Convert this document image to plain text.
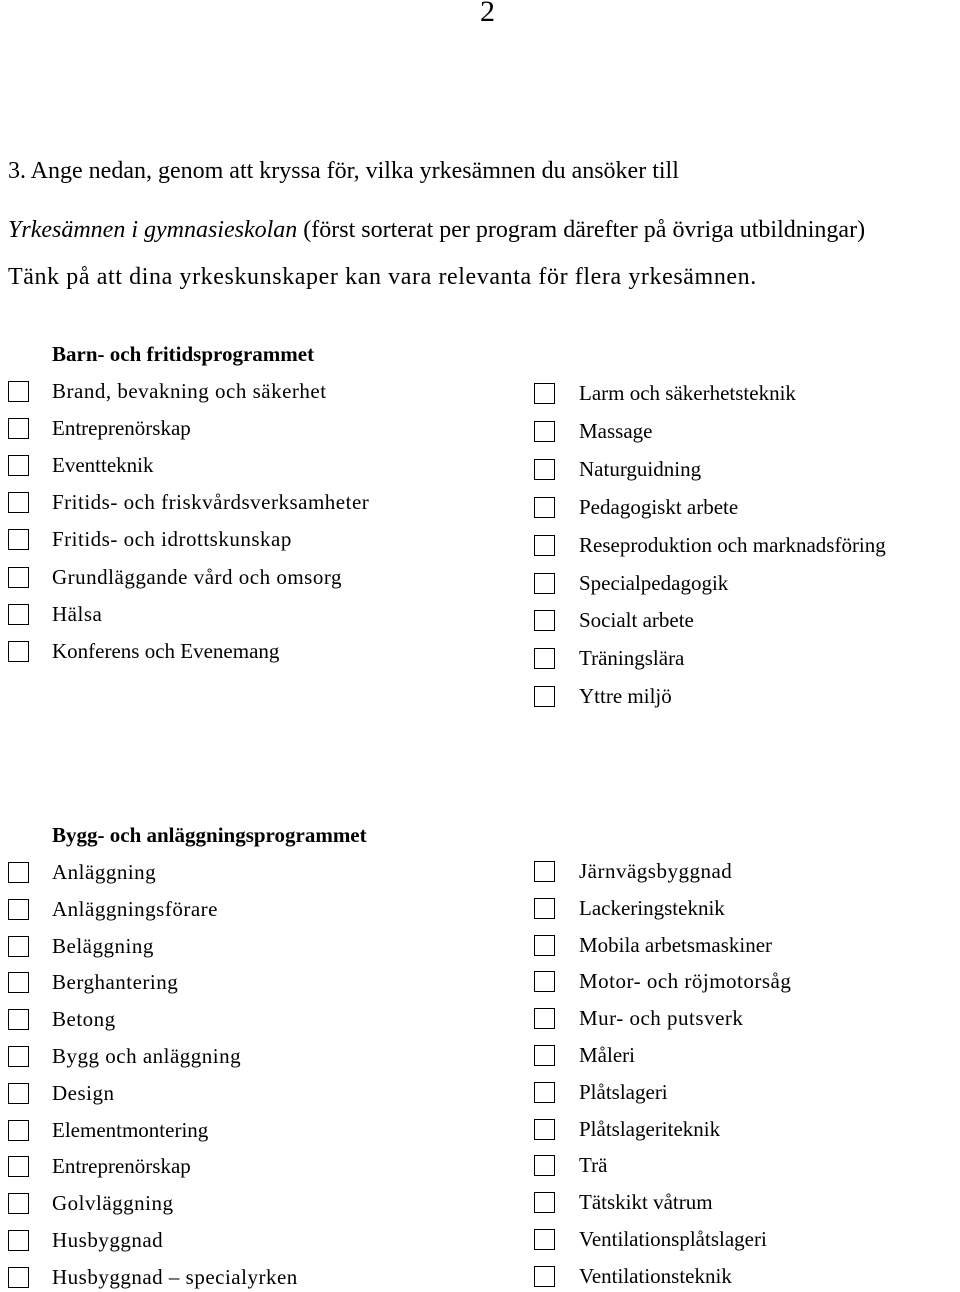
2
3. Ange nedan, genom att kryssa för, vilka yrkesämnen du ansöker till
Yrkesämnen i gymnasieskolan (först sorterat per program därefter på övriga utbildningar)
Tänk på att dina yrkeskunskaper kan vara relevanta för flera yrkesämnen.
Barn- och fritidsprogrammet
Brand, bevakning och säkerhet
Entreprenörskap
Eventteknik
Fritids- och friskvårdsverksamheter
Fritids- och idrottskunskap
Grundläggande vård och omsorg
Hälsa
Konferens och Evenemang
Larm och säkerhetsteknik
Massage
Naturguidning
Pedagogiskt arbete
Reseproduktion och marknadsföring
Specialpedagogik
Socialt arbete
Träningslära
Yttre miljö
Bygg- och anläggningsprogrammet
Anläggning
Anläggningsförare
Beläggning
Berghantering
Betong
Bygg och anläggning
Design
Elementmontering
Entreprenörskap
Golvläggning
Husbyggnad
Husbyggnad – specialyrken
Järnvägsbyggnad
Lackeringsteknik
Mobila arbetsmaskiner
Motor- och röjmotorsåg
Mur- och putsverk
Måleri
Plåtslageri
Plåtslageriteknik
Trä
Tätskikt våtrum
Ventilationsplåtslageri
Ventilationsteknik
